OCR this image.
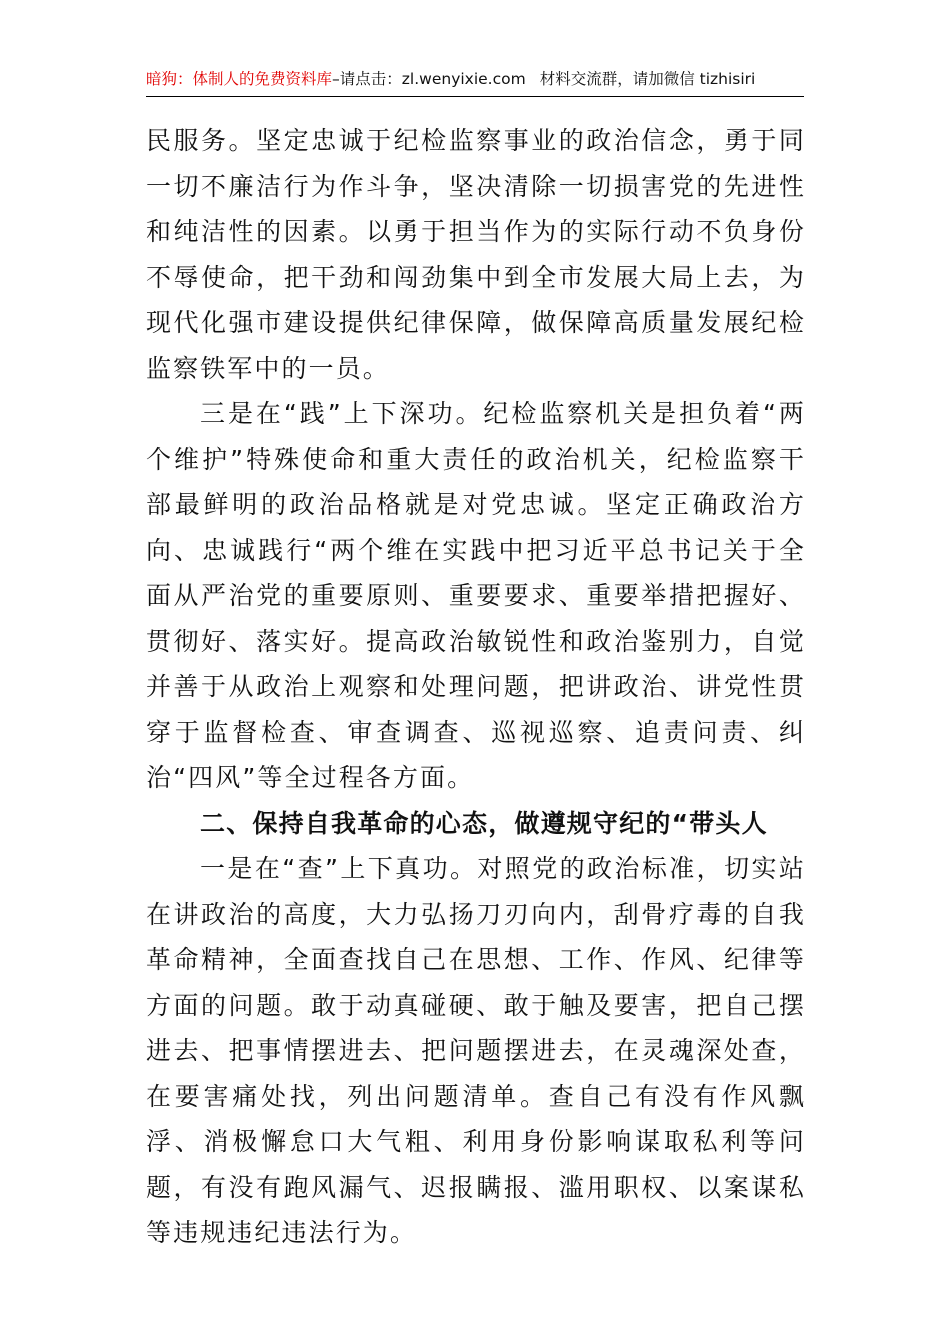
暗狗：体制人的免费资料库–请点击：zl.wenyixie.com 材料交流群，请加微信 tizhisiri

民服务。坚定忠诚于纪检监察事业的政治信念，勇于同一切不廉洁行为作斗争，坚决清除一切损害党的先进性和纯洁性的因素。以勇于担当作为的实际行动不负身份不辱使命，把干劲和闯劲集中到全市发展大局上去，为现代化强市建设提供纪律保障，做保障高质量发展纪检监察铁军中的一员。

三是在“践”上下深功。纪检监察机关是担负着“两个维护”特殊使命和重大责任的政治机关，纪检监察干部最鲜明的政治品格就是对党忠诚。坚定正确政治方向、忠诚践行“两个维在实践中把习近平总书记关于全面从严治党的重要原则、重要要求、重要举措把握好、贯彻好、落实好。提高政治敏锐性和政治鉴别力，自觉并善于从政治上观察和处理问题，把讲政治、讲党性贯穿于监督检查、审查调查、巡视巡察、追责问责、纠治“四风”等全过程各方面。

二、保持自我革命的心态，做遵规守纪的“带头人

一是在“查”上下真功。对照党的政治标准，切实站在讲政治的高度，大力弘扬刀刃向内，刮骨疗毒的自我革命精神，全面查找自己在思想、工作、作风、纪律等方面的问题。敢于动真碰硬、敢于触及要害，把自己摆进去、把事情摆进去、把问题摆进去，在灵魂深处查，在要害痛处找，列出问题清单。查自己有没有作风飘浮、消极懈怠口大气粗、利用身份影响谋取私利等问题，有没有跑风漏气、迟报瞒报、滥用职权、以案谋私等违规违纪违法行为。
